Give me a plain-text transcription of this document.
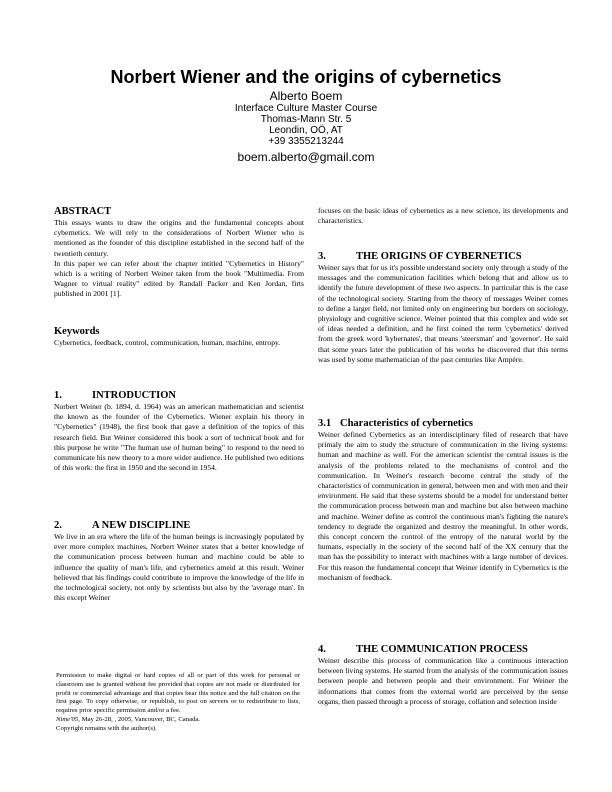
Norbert Wiener and the origins of cybernetics
Alberto Boem
Interface Culture Master Course
Thomas-Mann Str. 5
Leondin, OÖ, AT
+39 3355213244
boem.alberto@gmail.com
ABSTRACT

This essays wants to draw the origins and the fundamental concepts about cybernetics. We will rely to the considerations of Norbert Wiener who is mentioned as the founder of this discipline established in the second half of the twentieth century.

In this paper we can refer about the chapter intitled "Cybernetics in History" which is a writing of Norbert Weiner taken from the book "Multimedia. From Wagner to virtual reality" edited by Randall Packer and Ken Jordan, firts published in 2001 [1].

Keywords

Cybernetics, feedback, control, communication, human, machine, entropy.

1.	INTRODUCTION

Norbert Weiner (b. 1894, d. 1964) was an american mathematician and scientist the known as the founder of the Cybernetics. Wiener explain his theory in "Cybernetics" (1948), the first book that gave a definition of the topics of this research field. But Weiner considered this book a sort of technical book and for this purpose he write "The human use of human being" to respond to the need to communicate his new theory to a more wider audience. He published two editions of this work: the first in 1950 and the second in 1954.

2.	A NEW DISCIPLINE

We live in an era where the life of the human beings is increasingly populated by ever more complex machines, Norbert Weiner states that a better knowledge of the communication process between human and machine could be able to influence the quality of man's life, and cybernetics ameid at this result. Weiner believed that his findings could contribute to improve the knowledge of the life in the technological society, not only by scientists but also by the 'average man'. In this except Weiner

Permission to make digital or hard copies of all or part of this work for personal or classroom use is granted without fee provided that copies are not made or distributed for profit or commercial advantage and that copies bear this notice and the full citation on the first page. To copy otherwise, or republish, to post on servers or to redistribute to lists, requires prior specific permission and/or a fee.

Nime'05, May 26-28, , 2005, Vancouver, BC, Canada.

Copyright remains with the author(s).

focuses on the basic ideas of cybernetics as a new science, its developments and characteristics.

3.	THE ORIGINS OF CYBERNETICS

Weiner says that for us it's possible understand society only through a study of the messages and the communication facilities which belong that and allow us to identify the future development of these two aspects. In particular this is the case of the technological society. Starting from the theory of messages Weiner comes to define a larger field, not limited only on engineering but borders on sociology, physiology and cognitive science. Weiner pointed that this complex and wide set of ideas needed a definition, and he first coined the term 'cybernetics' derived from the greek word 'kybernates', that means 'steersman' and 'governor'. He said that some years later the publication of his works he discovered that this terms was used by some mathematician of the past centuries like Ampère.

3.1 Characteristics of cybernetics

Weiner defined Cybernetics as an interdisciplinary filed of research that have primaly the aim to study the structure of communication in the living systems: human and machine as well. For the american scientist the central issues is the analysis of the problems related to the mechanisms of control and the communication. In Weiner's research become central the study of the characteristics of communication in general, between men and with men and their environment. He said that these systems should be a model for understand better the communication process between man and machine but also between machine and machine. Weiner define as control the continuous man's fighting the nature's tendency to degrade the organized and destroy the meaningful. In other words, this concept concern the control of the entropy of the natural world by the humans, especially in the society of the second half of the XX century that the man has the possibility to interact with machines with a large number of devices. For this reason the fundamental concept that Weiner identify in Cybernetics is the mechanism of feedback.

4.	THE COMMUNICATION PROCESS

Weiner describe this process of communication like a continuous interaction between living systems. He started from the analysis of the communication issues between people and between people and their environment. For Weiner the informations that comes from the external world are perceived by the sense organs, then passed through a process of storage, collation and selection inside
